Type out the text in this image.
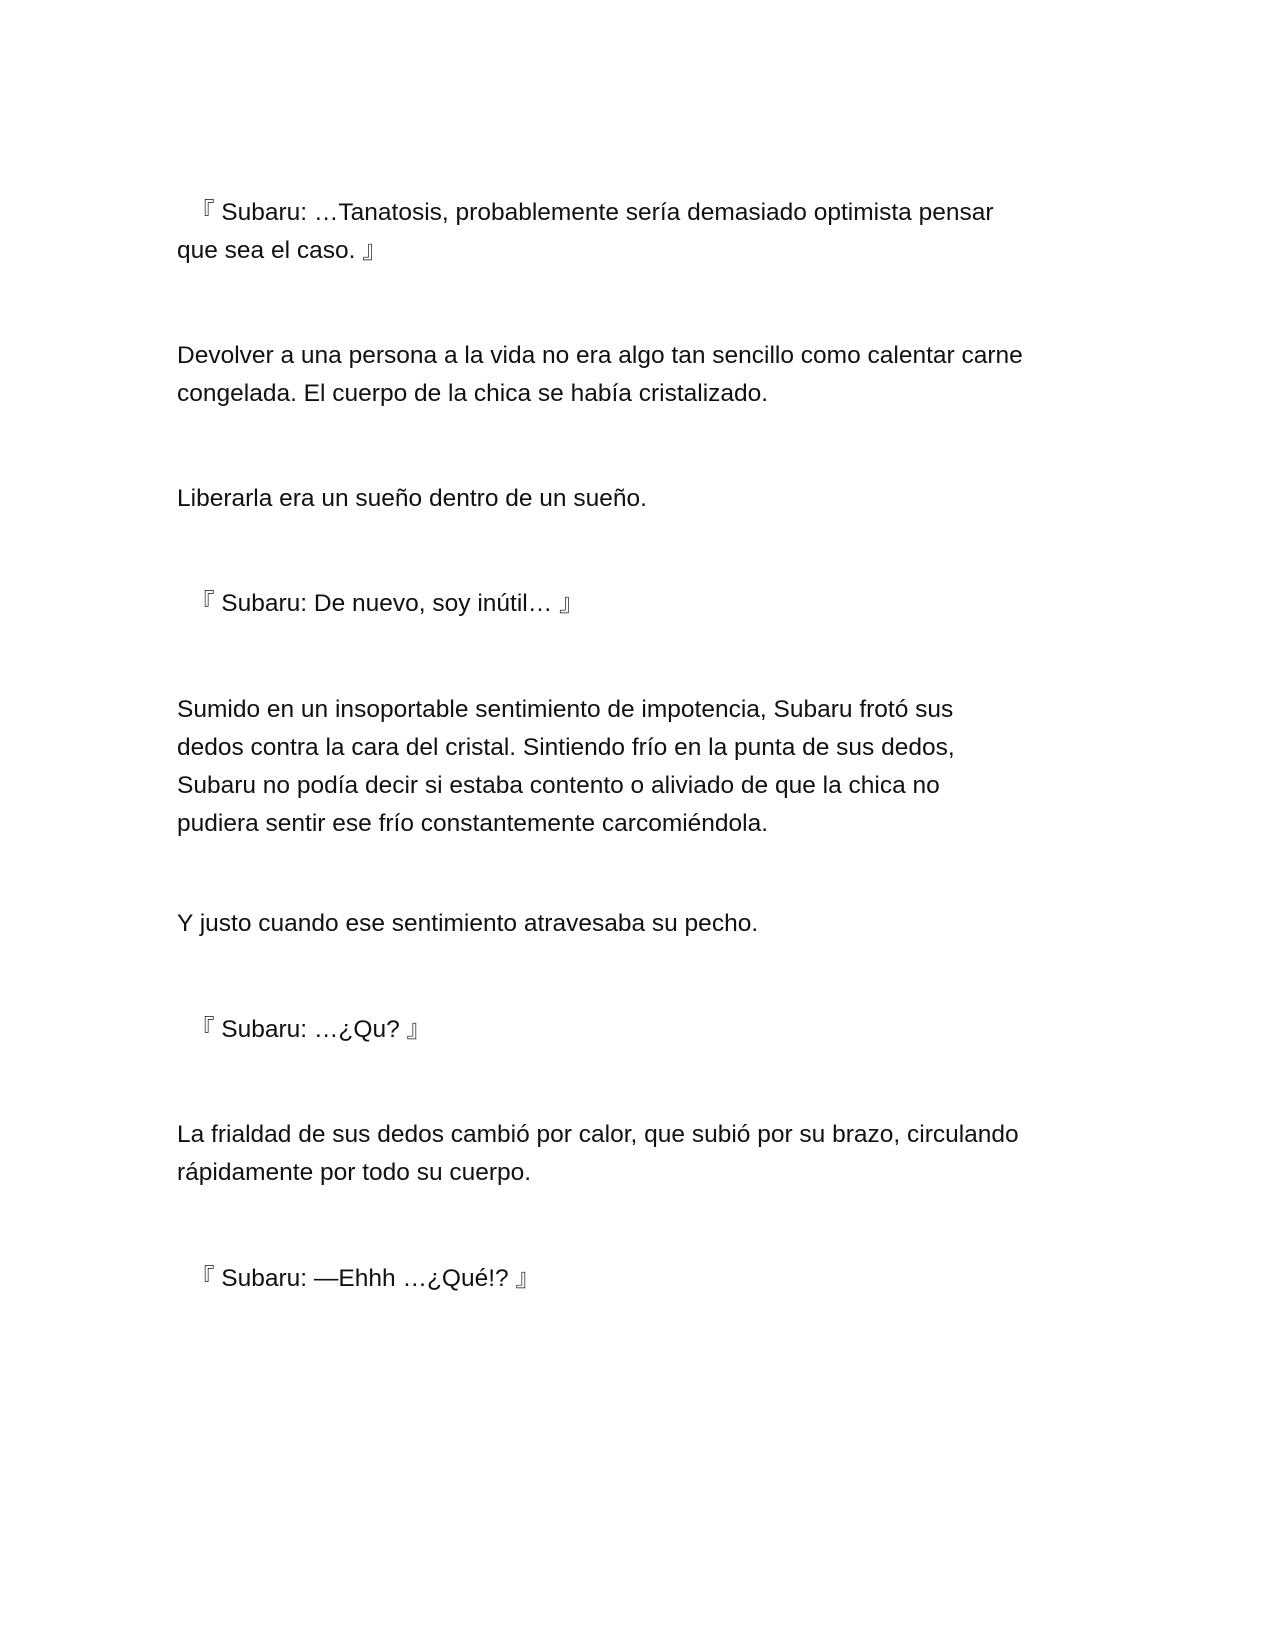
『 Subaru: …Tanatosis, probablemente sería demasiado optimista pensar
que sea el caso. 』

Devolver a una persona a la vida no era algo tan sencillo como calentar carne
congelada. El cuerpo de la chica se había cristalizado.

Liberarla era un sueño dentro de un sueño.

『 Subaru: De nuevo, soy inútil… 』

Sumido en un insoportable sentimiento de impotencia, Subaru frotó sus
dedos contra la cara del cristal. Sintiendo frío en la punta de sus dedos,
Subaru no podía decir si estaba contento o aliviado de que la chica no
pudiera sentir ese frío constantemente carcomiéndola.

Y justo cuando ese sentimiento atravesaba su pecho.

『 Subaru: …¿Qu? 』

La frialdad de sus dedos cambió por calor, que subió por su brazo, circulando
rápidamente por todo su cuerpo.

『 Subaru: —Ehhh …¿Qué!? 』
